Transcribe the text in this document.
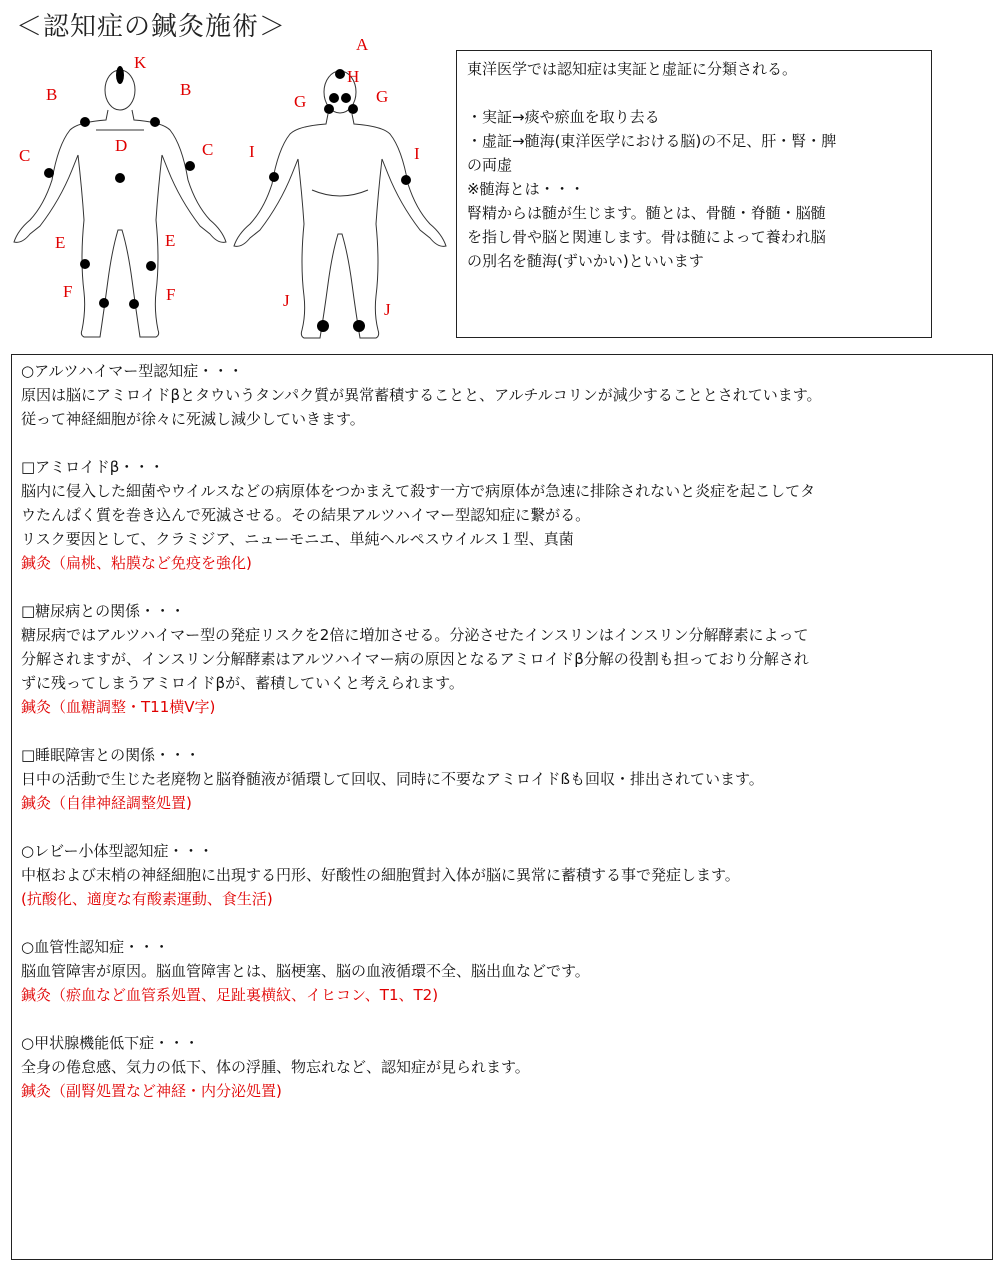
＜認知症の鍼灸施術＞
K
B	B
D
C	C
E	E
F	F
A
H
G	G
I	I
J	J

東洋医学では認知症は実証と虚証に分類される。

・実証→痰や瘀血を取り去る

・虚証→髄海(東洋医学における脳)の不足、肝・腎・脾

の両虚

※髄海とは・・・

腎精からは髄が生じます。髄とは、骨髄・脊髄・脳髄

を指し骨や脳と関連します。骨は髄によって養われ脳

の別名を髄海(ずいかい)といいます

○アルツハイマー型認知症・・・

原因は脳にアミロイドβとタウいうタンパク質が異常蓄積することと、アルチルコリンが減少することとされています。

従って神経細胞が徐々に死滅し減少していきます。

□アミロイドβ・・・

脳内に侵入した細菌やウイルスなどの病原体をつかまえて殺す一方で病原体が急速に排除されないと炎症を起こしてタ

ウたんぱく質を巻き込んで死滅させる。その結果アルツハイマー型認知症に繋がる。

リスク要因として、クラミジア、ニューモニエ、単純ヘルペスウイルス１型、真菌

鍼灸（扁桃、粘膜など免疫を強化)

□糖尿病との関係・・・

糖尿病ではアルツハイマー型の発症リスクを2倍に増加させる。分泌させたインスリンはインスリン分解酵素によって

分解されますが、インスリン分解酵素はアルツハイマー病の原因となるアミロイドβ分解の役割も担っており分解され

ずに残ってしまうアミロイドβが、蓄積していくと考えられます。

鍼灸（血糖調整・T11横V字)

□睡眠障害との関係・・・

日中の活動で生じた老廃物と脳脊髄液が循環して回収、同時に不要なアミロイドßも回収・排出されています。

鍼灸（自律神経調整処置)

○レビー小体型認知症・・・

中枢および末梢の神経細胞に出現する円形、好酸性の細胞質封入体が脳に異常に蓄積する事で発症します。

(抗酸化、適度な有酸素運動、食生活)

○血管性認知症・・・

脳血管障害が原因。脳血管障害とは、脳梗塞、脳の血液循環不全、脳出血などです。

鍼灸（瘀血など血管系処置、足趾裏横紋、イヒコン、T1、T2)

○甲状腺機能低下症・・・

全身の倦怠感、気力の低下、体の浮腫、物忘れなど、認知症が見られます。

鍼灸（副腎処置など神経・内分泌処置)
